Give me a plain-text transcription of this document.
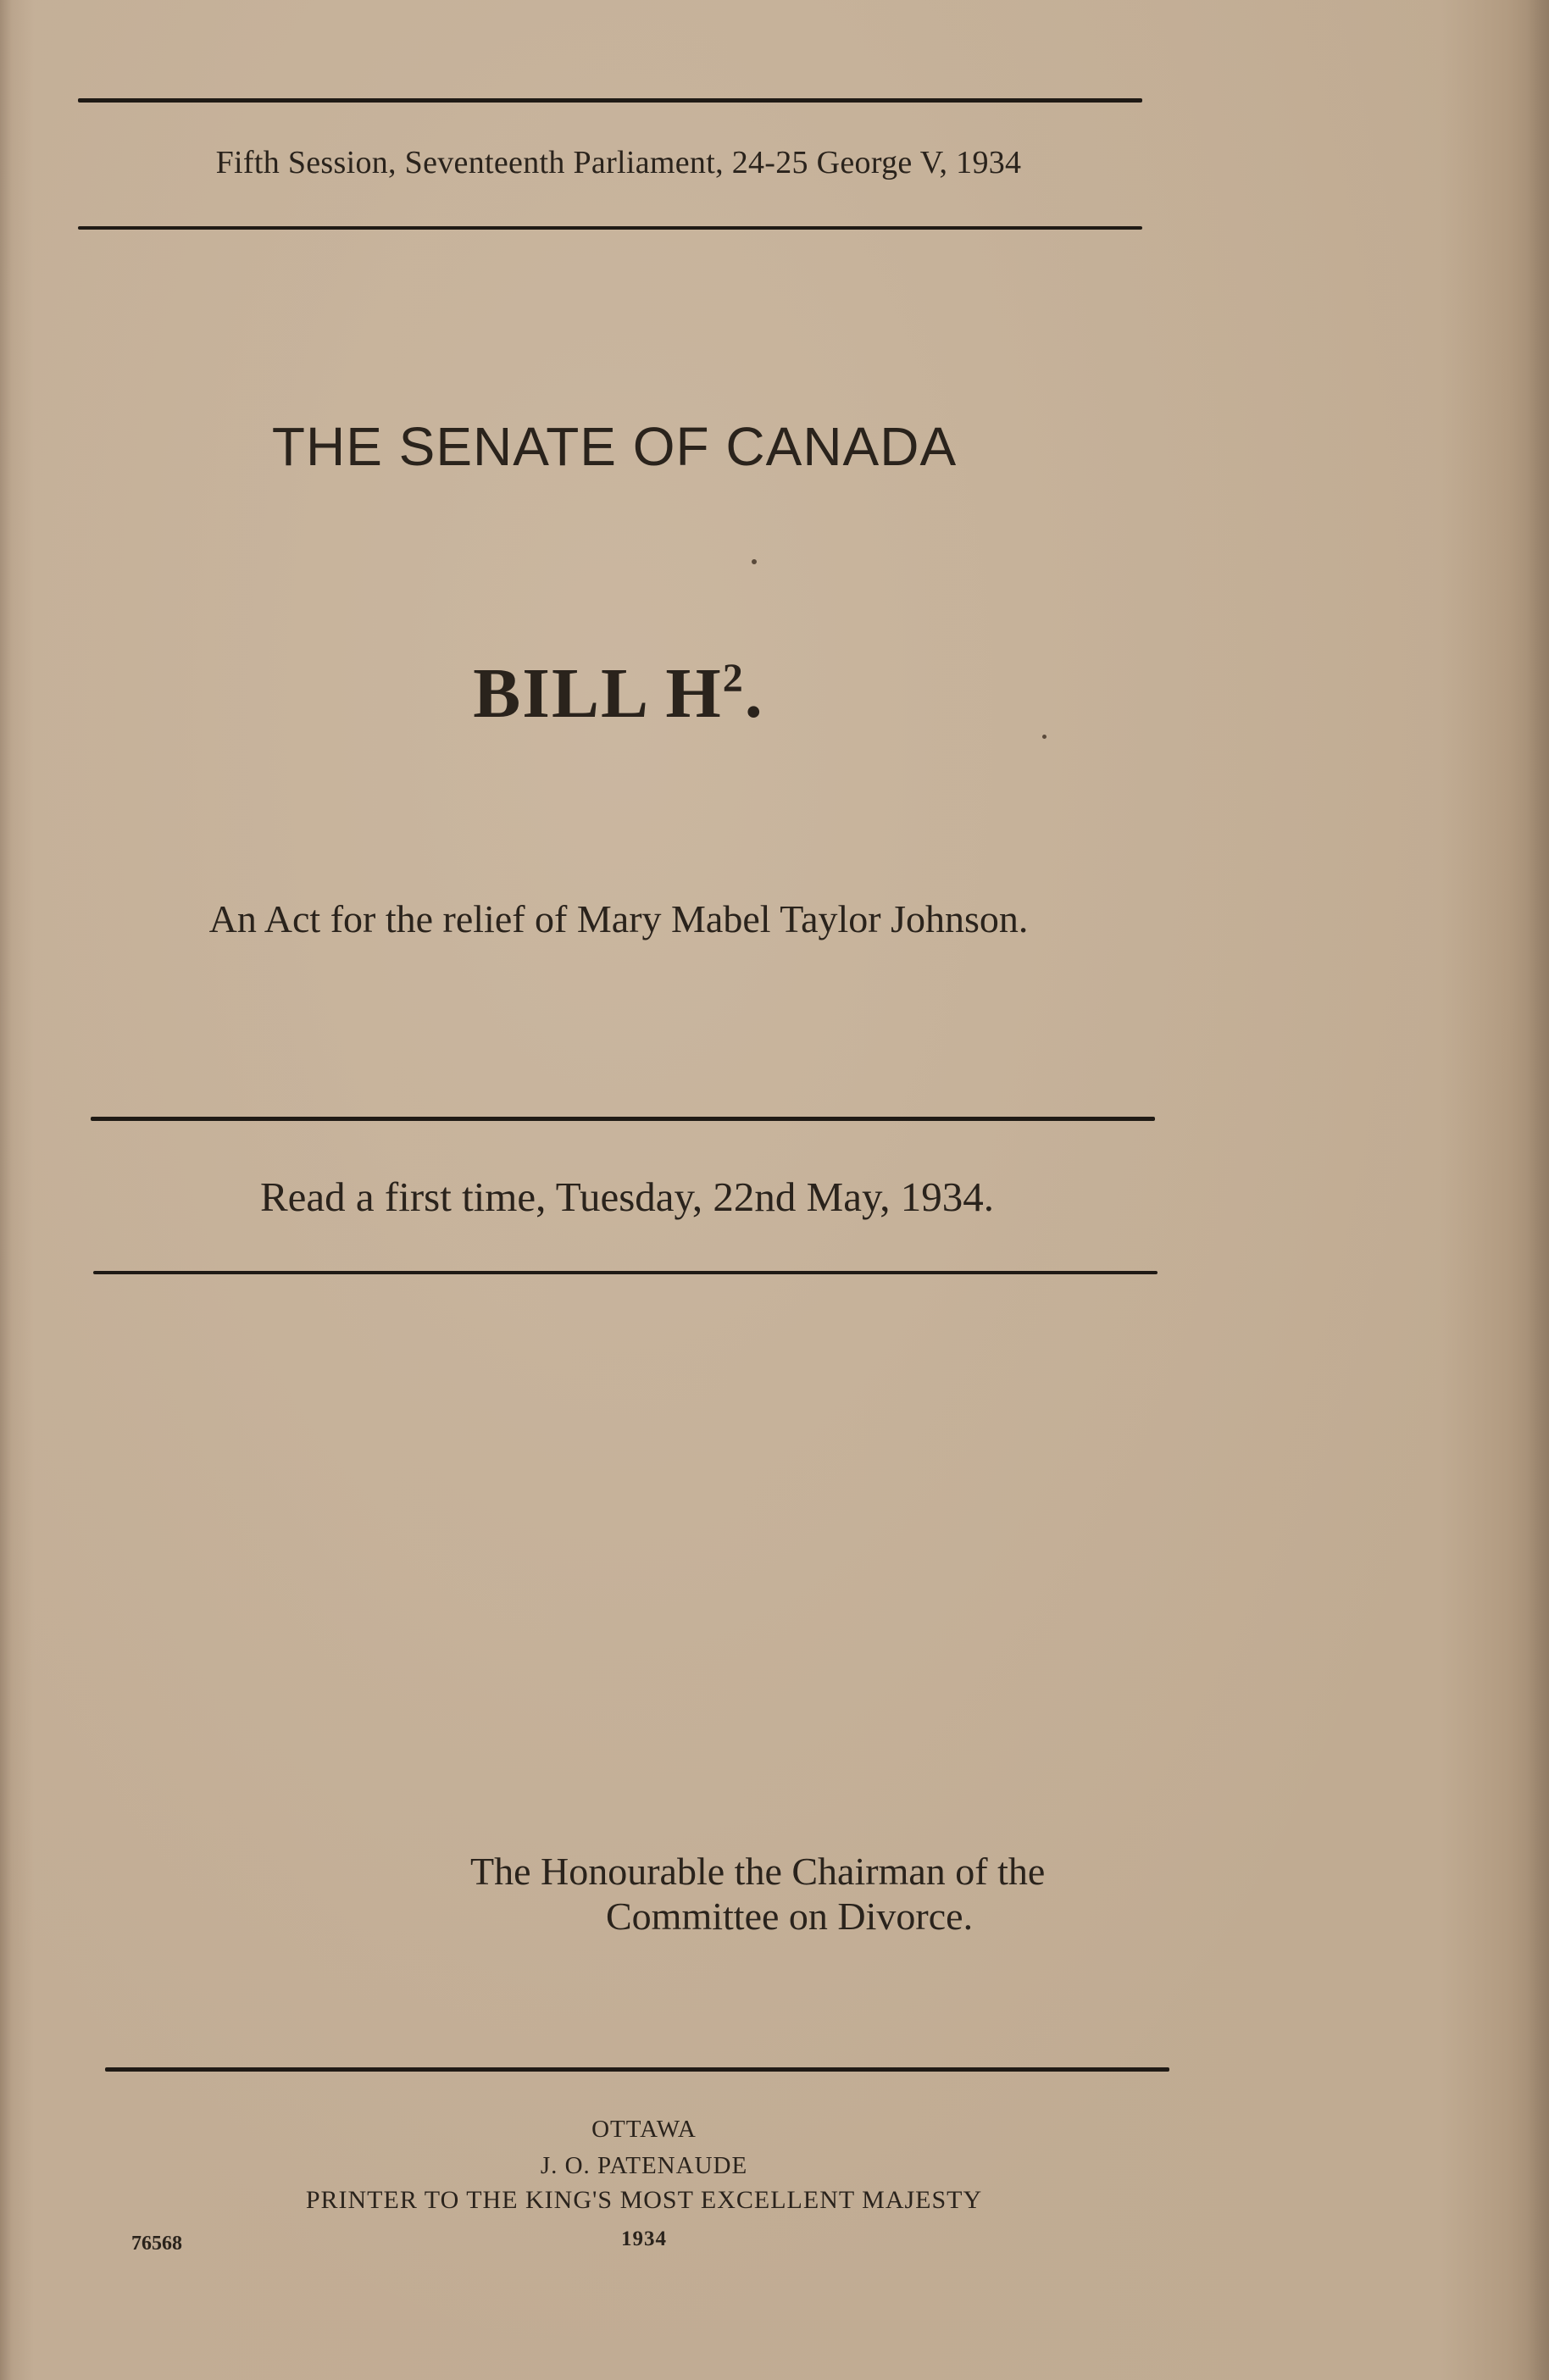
Fifth Session, Seventeenth Parliament, 24-25 George V, 1934
THE SENATE OF CANADA
BILL $H^2$.
An Act for the relief of Mary Mabel Taylor Johnson.
Read a first time, Tuesday, 22nd May, 1934.
The Honourable the Chairman of the
Committee on Divorce.
OTTAWA
J. O. PATENAUDE
PRINTER TO THE KING'S MOST EXCELLENT MAJESTY
1934
76568
